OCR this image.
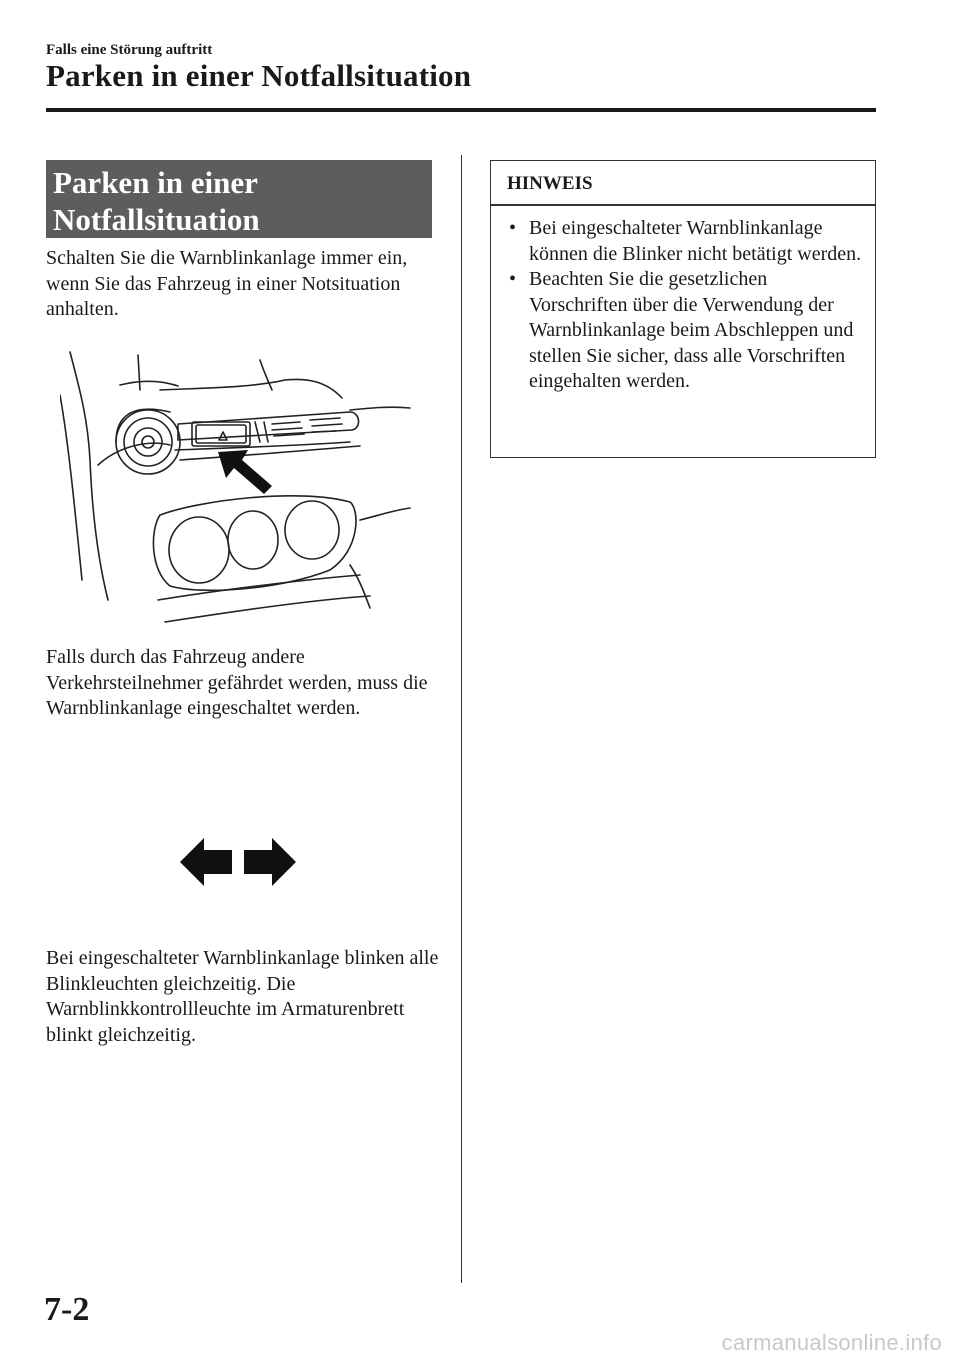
Falls eine Störung auftritt
Parken in einer Notfallsituation
Parken in einer
Notfallsituation

Schalten Sie die Warnblinkanlage immer ein, wenn Sie das Fahrzeug in einer Notsituation anhalten.

Falls durch das Fahrzeug andere Verkehrsteilnehmer gefährdet werden, muss die Warnblinkanlage eingeschaltet werden.

Bei eingeschalteter Warnblinkanlage blinken alle Blinkleuchten gleichzeitig. Die Warnblinkkontrollleuchte im Armaturenbrett blinkt gleichzeitig.

HINWEIS
• Bei eingeschalteter Warnblinkanlage können die Blinker nicht betätigt werden.
• Beachten Sie die gesetzlichen Vorschriften über die Verwendung der Warnblinkanlage beim Abschleppen und stellen Sie sicher, dass alle Vorschriften eingehalten werden.
7-2
carmanualsonline.info
